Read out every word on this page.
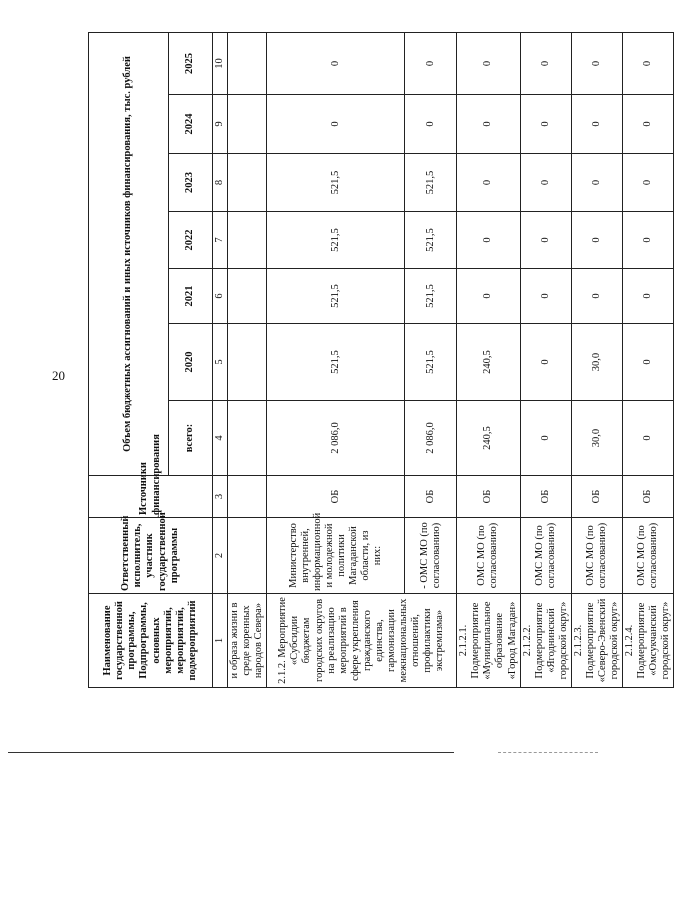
20
Наименование государственной программы, Подпрограммы, основных мероприятий, мероприятий, подмероприятий	Ответственный исполнитель, участник государственной программы	Источники финансирования	Объем бюджетных ассигнований и иных источников финансирования, тыс. рублей						
			всего:	2020	2021	2022	2023	2024	2025
1	2	3	4	5	6	7	8	9	10
и образа жизни в среде коренных народов Севера»									
2.1.2. Мероприятие «Субсидии бюджетам городских округов на реализацию мероприятий в сфере укрепления гражданского единства, гармонизации межнациональных отношений, профилактики экстремизма»	Министерство внутренней, информационной и молодежной политики Магаданской области, из них:	ОБ	2 086,0	521,5	521,5	521,5	521,5	0	0
	- ОМС МО (по согласованию)	ОБ	2 086,0	521,5	521,5	521,5	521,5	0	0
2.1.2.1. Подмероприятие «Муниципальное образование «Город Магадан»	ОМС МО (по согласованию)	ОБ	240,5	240,5	0	0	0	0	0
2.1.2.2. Подмероприятие «Ягоднинский городской округ»	ОМС МО (по согласованию)	ОБ	0	0	0	0	0	0	0
2.1.2.3. Подмероприятие «Северо-Эвенский городской округ»	ОМС МО (по согласованию)	ОБ	30,0	30,0	0	0	0	0	0
2.1.2.4. Подмероприятие «Омсукчанский городской округ»	ОМС МО (по согласованию)	ОБ	0	0	0	0	0	0	0
